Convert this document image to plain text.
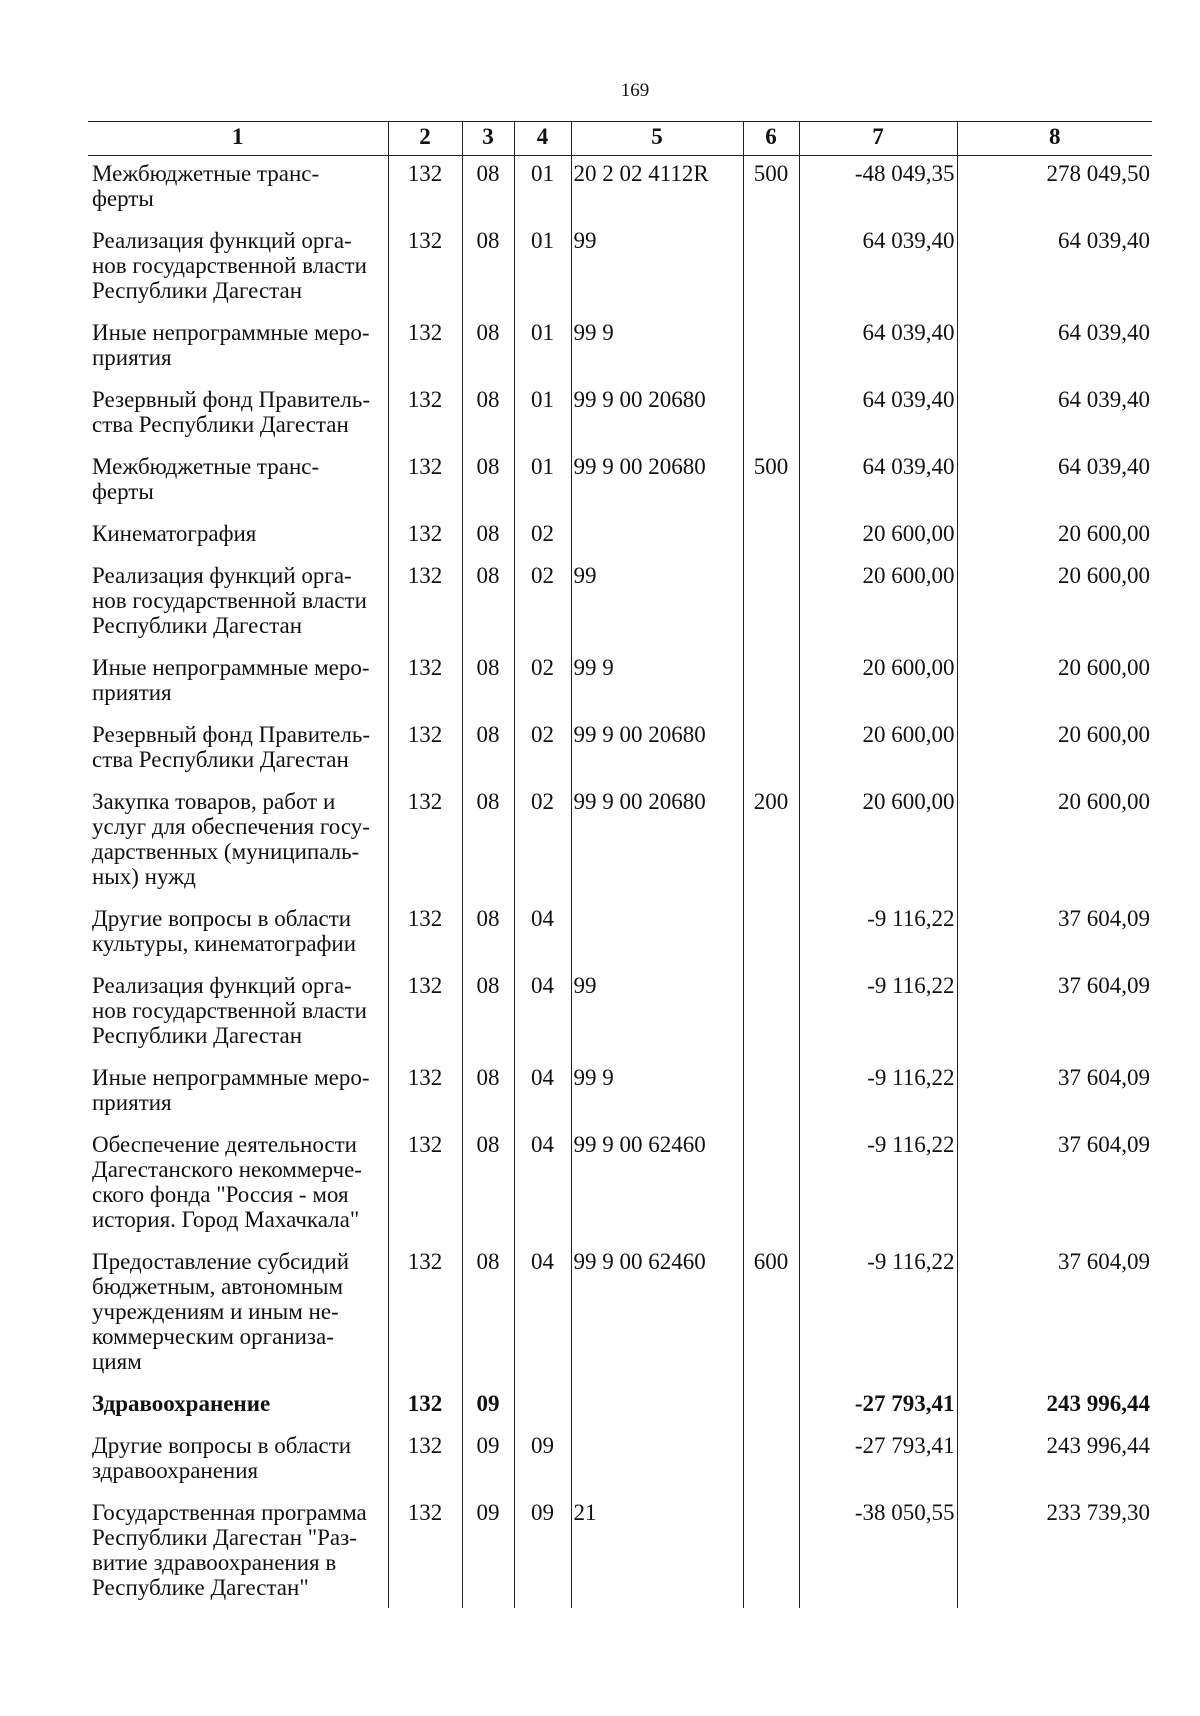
169
1	2	3	4	5	6	7	8

Межбюджетные транс-
ферты	132	08	01	20 2 02 4112R	500	-48 049,35	278 049,50

Реализация функций орга-
нов государственной власти
Республики Дагестан	132	08	01	99		64 039,40	64 039,40

Иные непрограммные меро-
приятия	132	08	01	99 9		64 039,40	64 039,40

Резервный фонд Правитель-
ства Республики Дагестан	132	08	01	99 9 00 20680		64 039,40	64 039,40

Межбюджетные транс-
ферты	132	08	01	99 9 00 20680	500	64 039,40	64 039,40

Кинематография	132	08	02			20 600,00	20 600,00

Реализация функций орга-
нов государственной власти
Республики Дагестан	132	08	02	99		20 600,00	20 600,00

Иные непрограммные меро-
приятия	132	08	02	99 9		20 600,00	20 600,00

Резервный фонд Правитель-
ства Республики Дагестан	132	08	02	99 9 00 20680		20 600,00	20 600,00

Закупка товаров, работ и
услуг для обеспечения госу-
дарственных (муниципаль-
ных) нужд	132	08	02	99 9 00 20680	200	20 600,00	20 600,00

Другие вопросы в области
культуры, кинематографии	132	08	04			-9 116,22	37 604,09

Реализация функций орга-
нов государственной власти
Республики Дагестан	132	08	04	99		-9 116,22	37 604,09

Иные непрограммные меро-
приятия	132	08	04	99 9		-9 116,22	37 604,09

Обеспечение деятельности
Дагестанского некоммерче-
ского фонда "Россия - моя
история. Город Махачкала"	132	08	04	99 9 00 62460		-9 116,22	37 604,09

Предоставление субсидий
бюджетным, автономным
учреждениям и иным не-
коммерческим организа-
циям	132	08	04	99 9 00 62460	600	-9 116,22	37 604,09

Здравоохранение	132	09				-27 793,41	243 996,44

Другие вопросы в области
здравоохранения	132	09	09			-27 793,41	243 996,44

Государственная программа
Республики Дагестан "Раз-
витие здравоохранения в
Республике Дагестан"	132	09	09	21		-38 050,55	233 739,30
